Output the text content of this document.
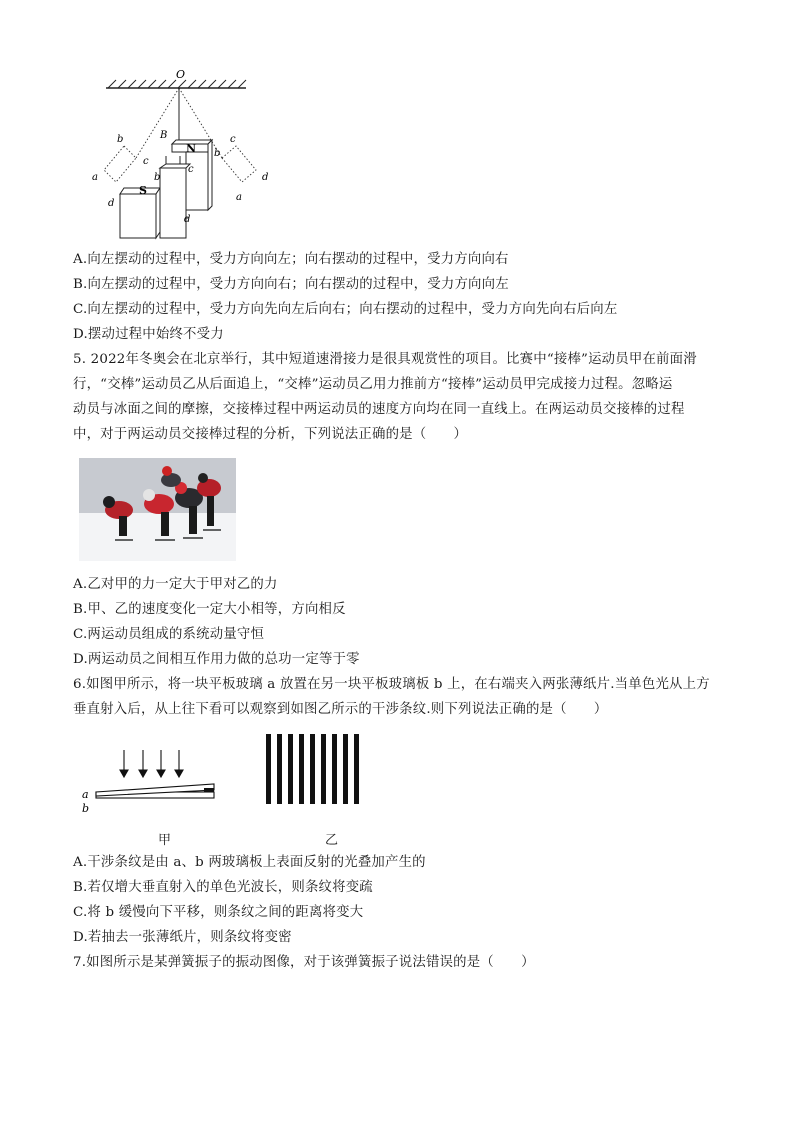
O
N
B
S
b
a
c
d
b
c
d
c
b
d
a
A.向左摆动的过程中，受力方向向左；向右摆动的过程中，受力方向向右
B.向左摆动的过程中，受力方向向右；向右摆动的过程中，受力方向向左
C.向左摆动的过程中，受力方向先向左后向右；向右摆动的过程中，受力方向先向右后向左
D.摆动过程中始终不受力
5. 2022年冬奥会在北京举行，其中短道速滑接力是很具观赏性的项目。比赛中“接棒”运动员甲在前面滑
行，“交棒”运动员乙从后面追上，“交棒”运动员乙用力推前方“接棒”运动员甲完成接力过程。忽略运
动员与冰面之间的摩擦，交接棒过程中两运动员的速度方向均在同一直线上。在两运动员交接棒的过程
中，对于两运动员交接棒过程的分析，下列说法正确的是（　　）
A.乙对甲的力一定大于甲对乙的力
B.甲、乙的速度变化一定大小相等，方向相反
C.两运动员组成的系统动量守恒
D.两运动员之间相互作用力做的总功一定等于零
6.如图甲所示，将一块平板玻璃 a 放置在另一块平板玻璃板 b 上，在右端夹入两张薄纸片.当单色光从上方
垂直射入后，从上往下看可以观察到如图乙所示的干涉条纹.则下列说法正确的是（　　）
a
b
甲	乙
A.干涉条纹是由 a、b 两玻璃板上表面反射的光叠加产生的
B.若仅增大垂直射入的单色光波长，则条纹将变疏
C.将 b 缓慢向下平移，则条纹之间的距离将变大
D.若抽去一张薄纸片，则条纹将变密
7.如图所示是某弹簧振子的振动图像，对于该弹簧振子说法错误的是（　　）
